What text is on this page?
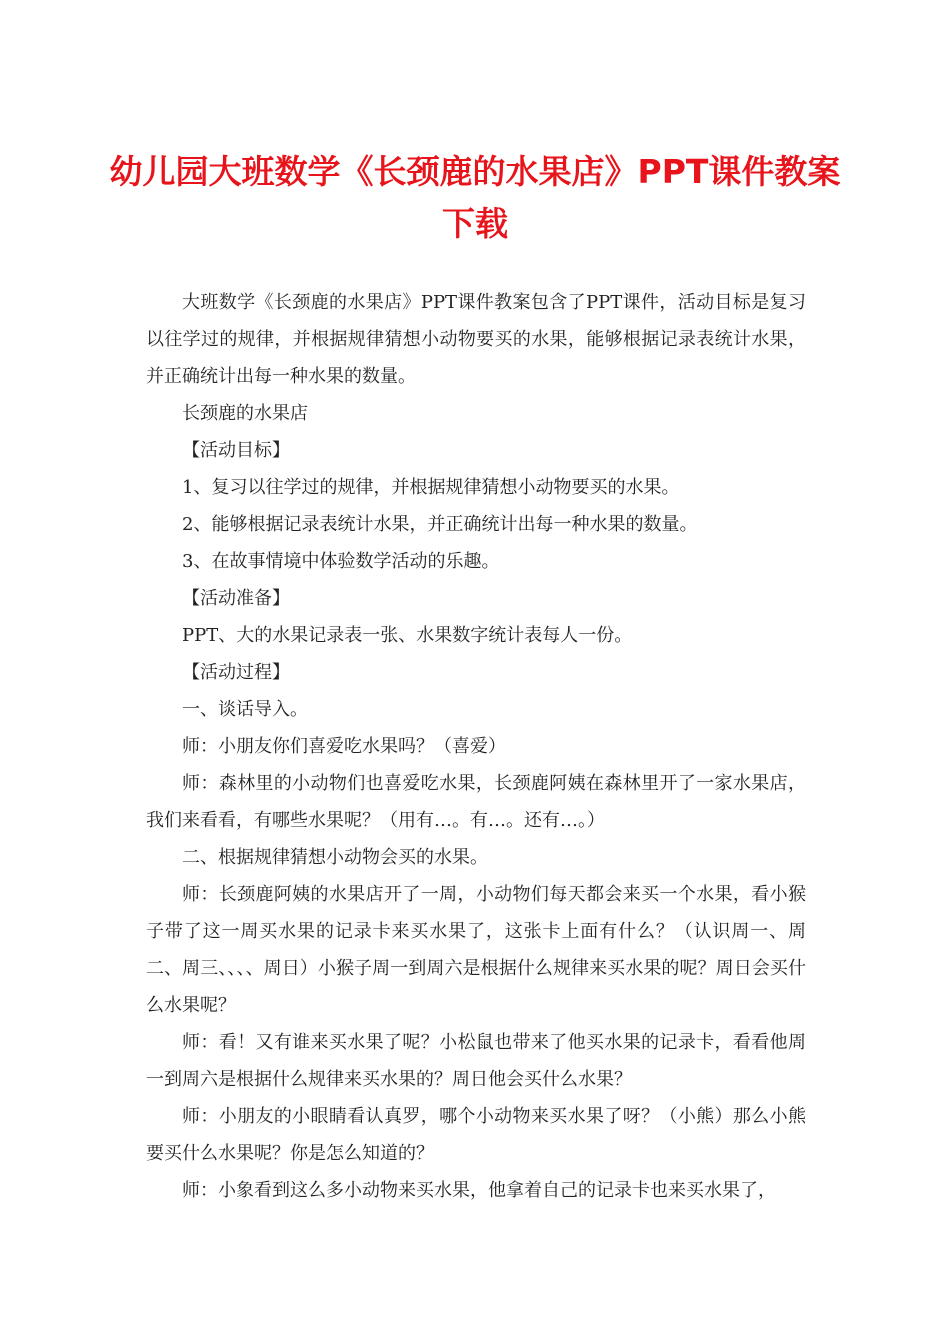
幼儿园大班数学《长颈鹿的水果店》PPT课件教案下载

大班数学《长颈鹿的水果店》PPT课件教案包含了PPT课件，活动目标是复习以往学过的规律，并根据规律猜想小动物要买的水果，能够根据记录表统计水果，并正确统计出每一种水果的数量。

长颈鹿的水果店

【活动目标】

1、复习以往学过的规律，并根据规律猜想小动物要买的水果。

2、能够根据记录表统计水果，并正确统计出每一种水果的数量。

3、在故事情境中体验数学活动的乐趣。

【活动准备】

PPT、大的水果记录表一张、水果数字统计表每人一份。

【活动过程】

一、谈话导入。

师：小朋友你们喜爱吃水果吗？（喜爱）

师：森林里的小动物们也喜爱吃水果，长颈鹿阿姨在森林里开了一家水果店，我们来看看，有哪些水果呢？（用有…。有…。还有…。）

二、根据规律猜想小动物会买的水果。

师：长颈鹿阿姨的水果店开了一周，小动物们每天都会来买一个水果，看小猴子带了这一周买水果的记录卡来买水果了，这张卡上面有什么？（认识周一、周二、周三、、、、周日）小猴子周一到周六是根据什么规律来买水果的呢？周日会买什么水果呢？

师：看！又有谁来买水果了呢？小松鼠也带来了他买水果的记录卡，看看他周一到周六是根据什么规律来买水果的？周日他会买什么水果？

师：小朋友的小眼睛看认真罗，哪个小动物来买水果了呀？（小熊）那么小熊要买什么水果呢？你是怎么知道的？

师：小象看到这么多小动物来买水果，他拿着自己的记录卡也来买水果了，
